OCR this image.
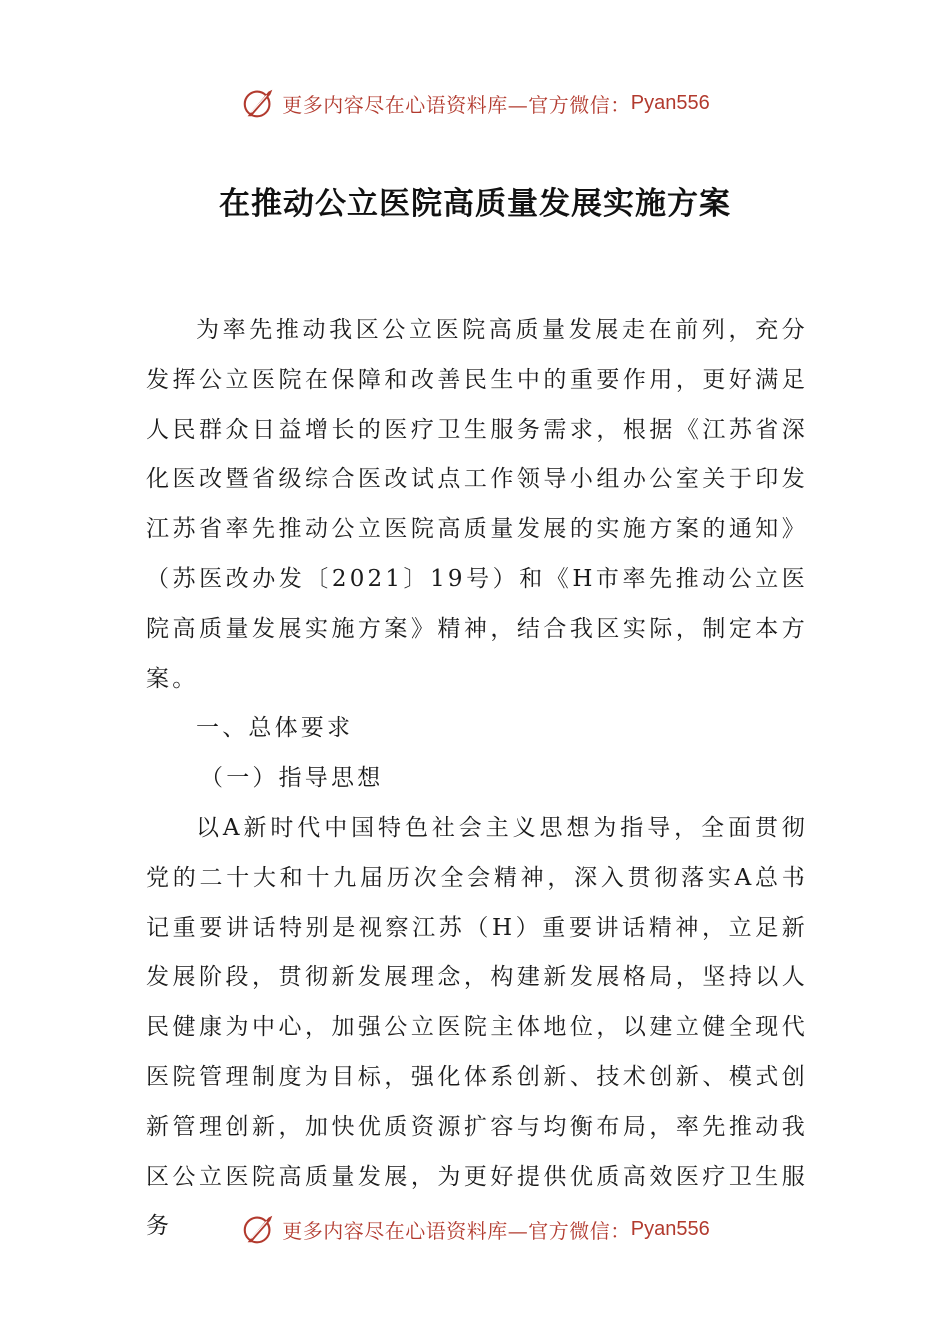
更多内容尽在心语资料库—官方微信： Pyan556
在推动公立医院高质量发展实施方案

为率先推动我区公立医院高质量发展走在前列，充分发挥公立医院在保障和改善民生中的重要作用，更好满足人民群众日益增长的医疗卫生服务需求，根据《江苏省深化医改暨省级综合医改试点工作领导小组办公室关于印发江苏省率先推动公立医院高质量发展的实施方案的通知》（苏医改办发〔2021〕19号）和《H市率先推动公立医院高质量发展实施方案》精神，结合我区实际，制定本方案。

一、总体要求

（一）指导思想

以A新时代中国特色社会主义思想为指导，全面贯彻党的二十大和十九届历次全会精神，深入贯彻落实A总书记重要讲话特别是视察江苏（H）重要讲话精神，立足新发展阶段，贯彻新发展理念，构建新发展格局，坚持以人民健康为中心，加强公立医院主体地位，以建立健全现代医院管理制度为目标，强化体系创新、技术创新、模式创新管理创新，加快优质资源扩容与均衡布局，率先推动我区公立医院高质量发展，为更好提供优质高效医疗卫生服务	更多内容尽在心语资料库—官方微信： Pyan556
